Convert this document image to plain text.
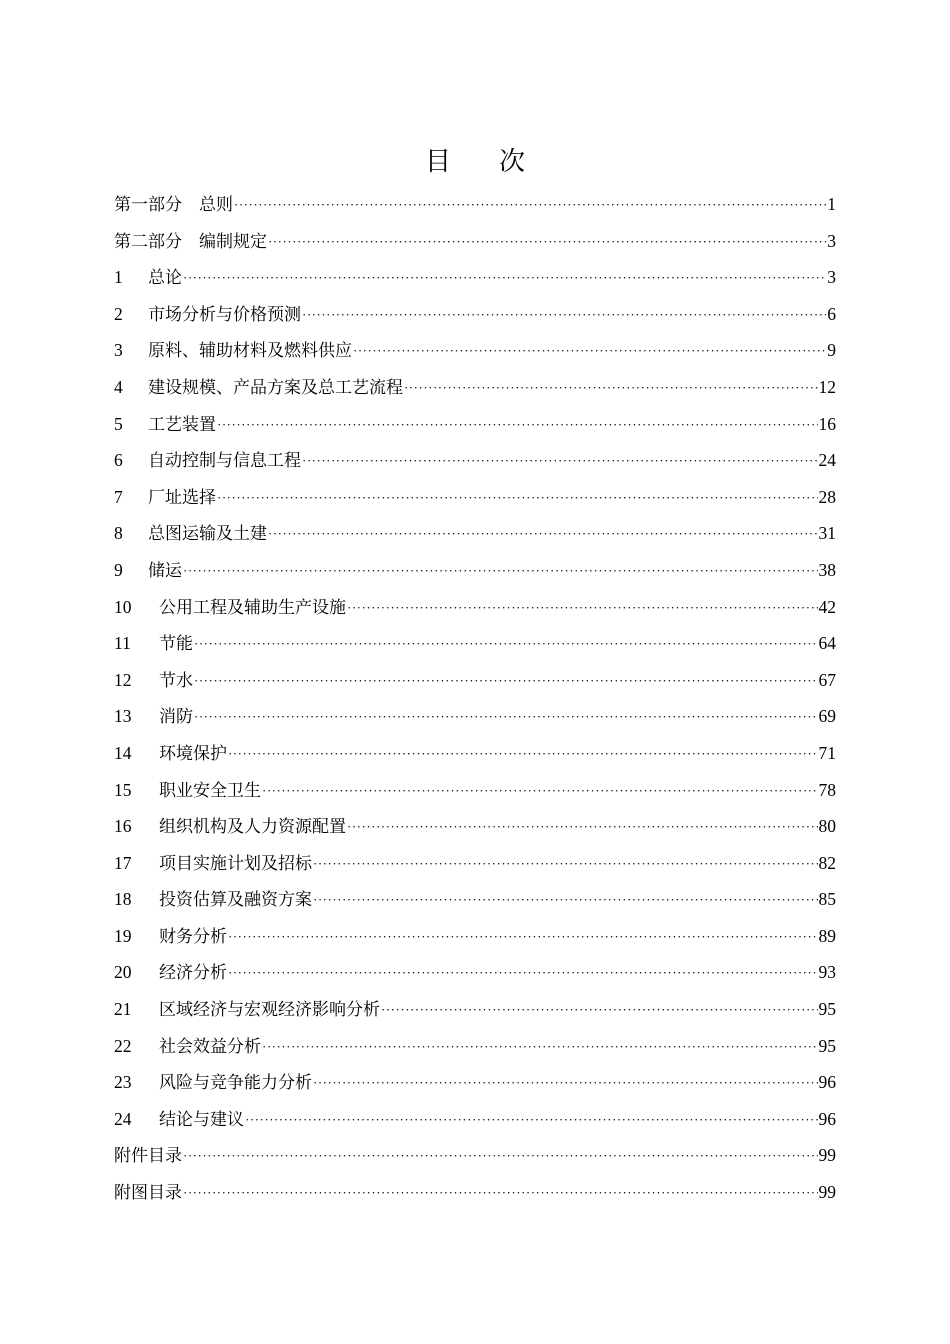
目 次
第一部分　总则 ·····	1
第二部分　编制规定 ·····	3
1	总论 ·····	3
2	市场分析与价格预测 ·····	6
3	原料、辅助材料及燃料供应 ·····	9
4	建设规模、产品方案及总工艺流程 ·····	12
5	工艺装置 ·····	16
6	自动控制与信息工程 ·····	24
7	厂址选择 ·····	28
8	总图运输及土建 ·····	31
9	储运 ·····	38
10	公用工程及辅助生产设施 ·····	42
11	节能 ·····	64
12	节水 ·····	67
13	消防 ·····	69
14	环境保护 ·····	71
15	职业安全卫生 ·····	78
16	组织机构及人力资源配置 ·····	80
17	项目实施计划及招标 ·····	82
18	投资估算及融资方案 ·····	85
19	财务分析 ·····	89
20	经济分析 ·····	93
21	区域经济与宏观经济影响分析 ·····	95
22	社会效益分析 ·····	95
23	风险与竞争能力分析 ·····	96
24	结论与建议 ·····	96
附件目录 ·····	99
附图目录 ·····	99
